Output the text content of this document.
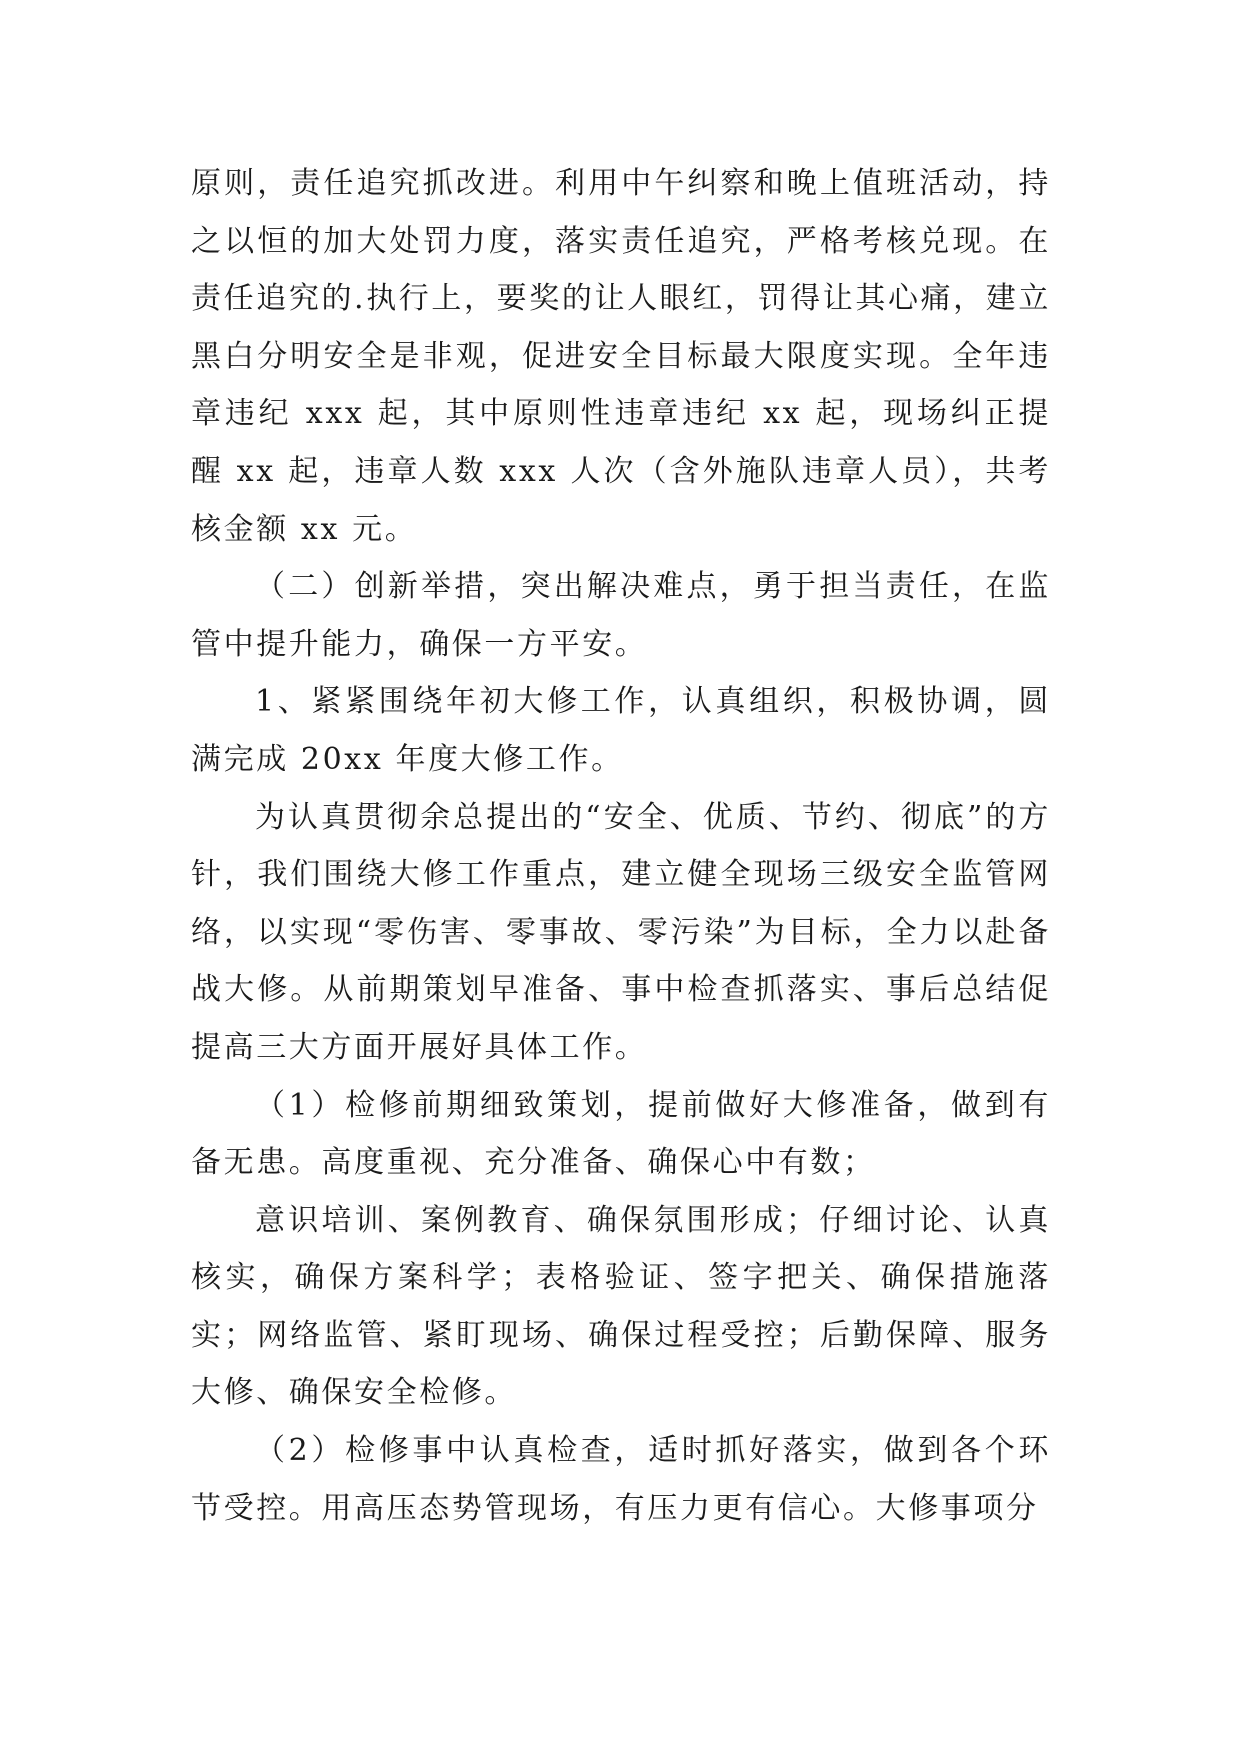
原则，责任追究抓改进。利用中午纠察和晚上值班活动，持之以恒的加大处罚力度，落实责任追究，严格考核兑现。在责任追究的.执行上，要奖的让人眼红，罚得让其心痛，建立黑白分明安全是非观，促进安全目标最大限度实现。全年违章违纪 xxx 起，其中原则性违章违纪 xx 起，现场纠正提醒 xx 起，违章人数 xxx 人次（含外施队违章人员），共考核金额 xx 元。

（二）创新举措，突出解决难点，勇于担当责任，在监管中提升能力，确保一方平安。

1、紧紧围绕年初大修工作，认真组织，积极协调，圆满完成 20xx 年度大修工作。

为认真贯彻余总提出的“安全、优质、节约、彻底”的方针，我们围绕大修工作重点，建立健全现场三级安全监管网络，以实现“零伤害、零事故、零污染”为目标，全力以赴备战大修。从前期策划早准备、事中检查抓落实、事后总结促提高三大方面开展好具体工作。

（1）检修前期细致策划，提前做好大修准备，做到有备无患。高度重视、充分准备、确保心中有数；

意识培训、案例教育、确保氛围形成；仔细讨论、认真核实，确保方案科学；表格验证、签字把关、确保措施落实；网络监管、紧盯现场、确保过程受控；后勤保障、服务大修、确保安全检修。

（2）检修事中认真检查，适时抓好落实，做到各个环节受控。用高压态势管现场，有压力更有信心。大修事项分
